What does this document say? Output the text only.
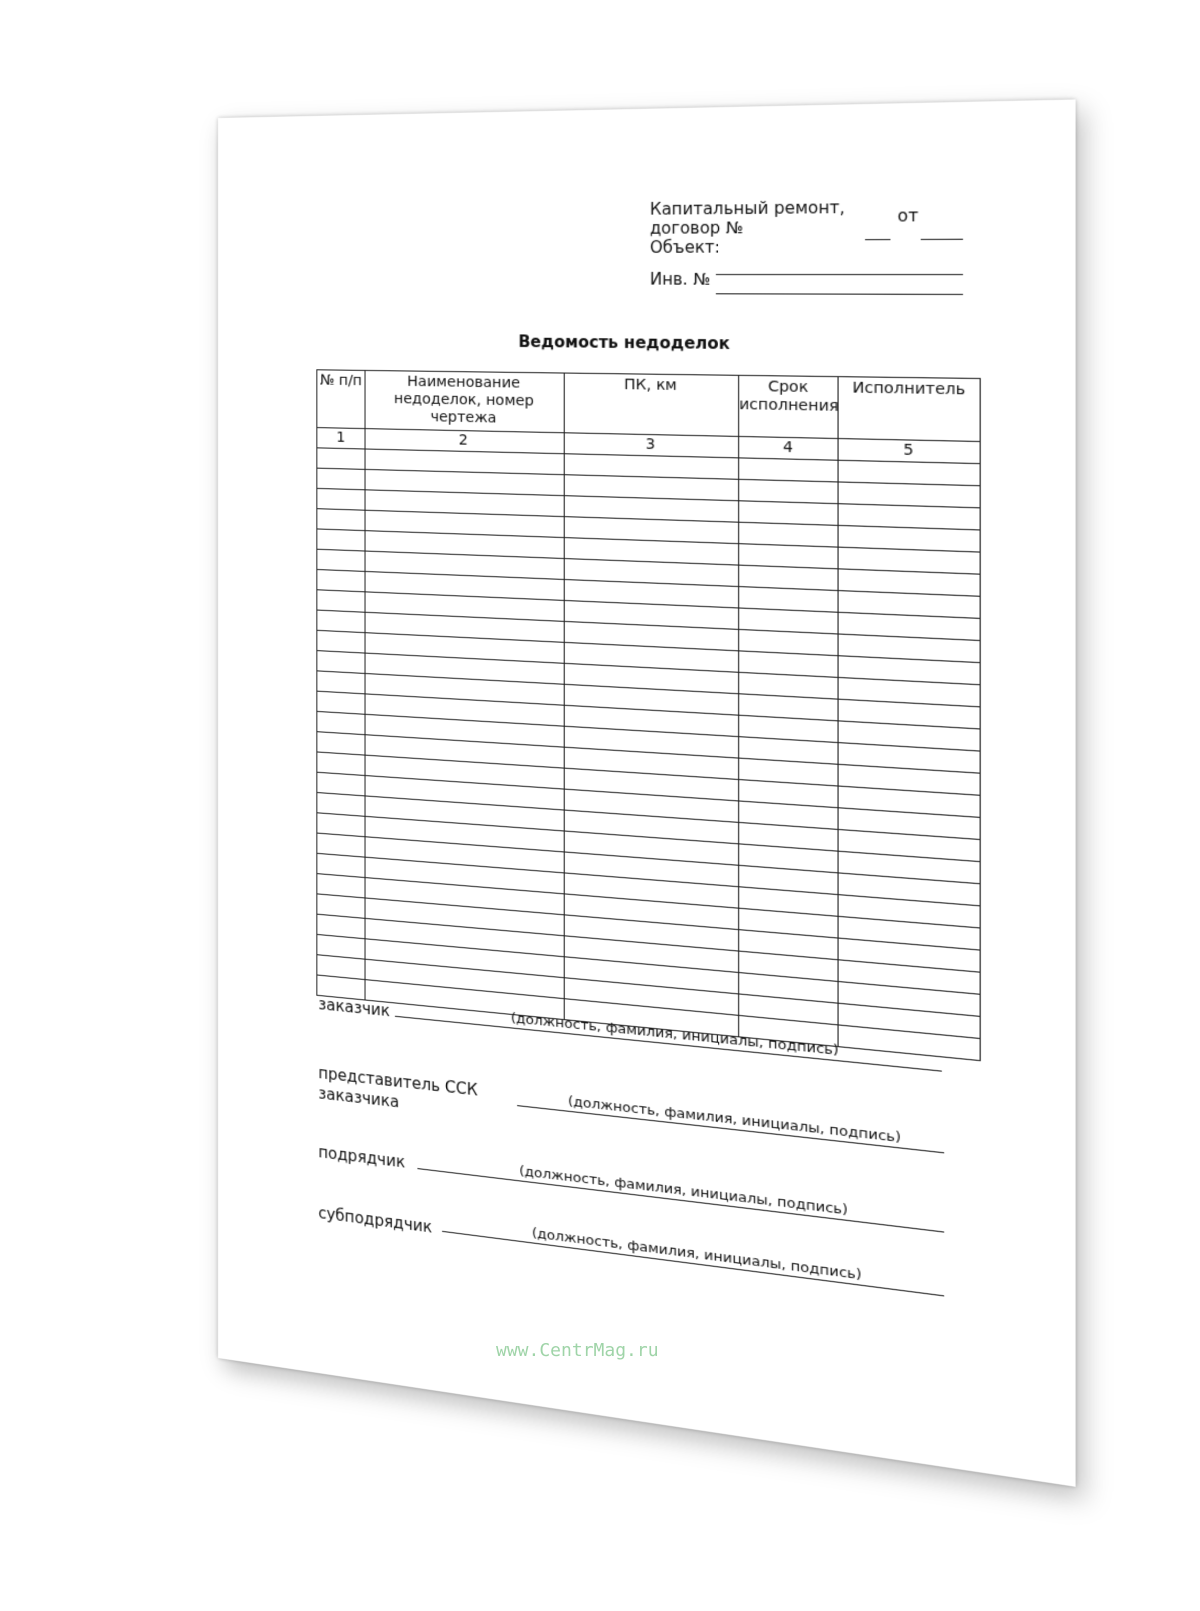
Капитальный ремонт,
договор №
от
Объект:
Инв. №
Ведомость недоделок
№ п/п	Наименование недоделок, номер чертежа	ПК, км	Срок исполнения	Исполнитель
1	2	3	4	5

заказчик
(должность, фамилия, инициалы, подпись)
представитель ССК заказчика	(должность, фамилия, инициалы, подпись)
подрядчик
(должность, фамилия, инициалы, подпись)
субподрядчик
(должность, фамилия, инициалы, подпись)
www.CentrMag.ru
